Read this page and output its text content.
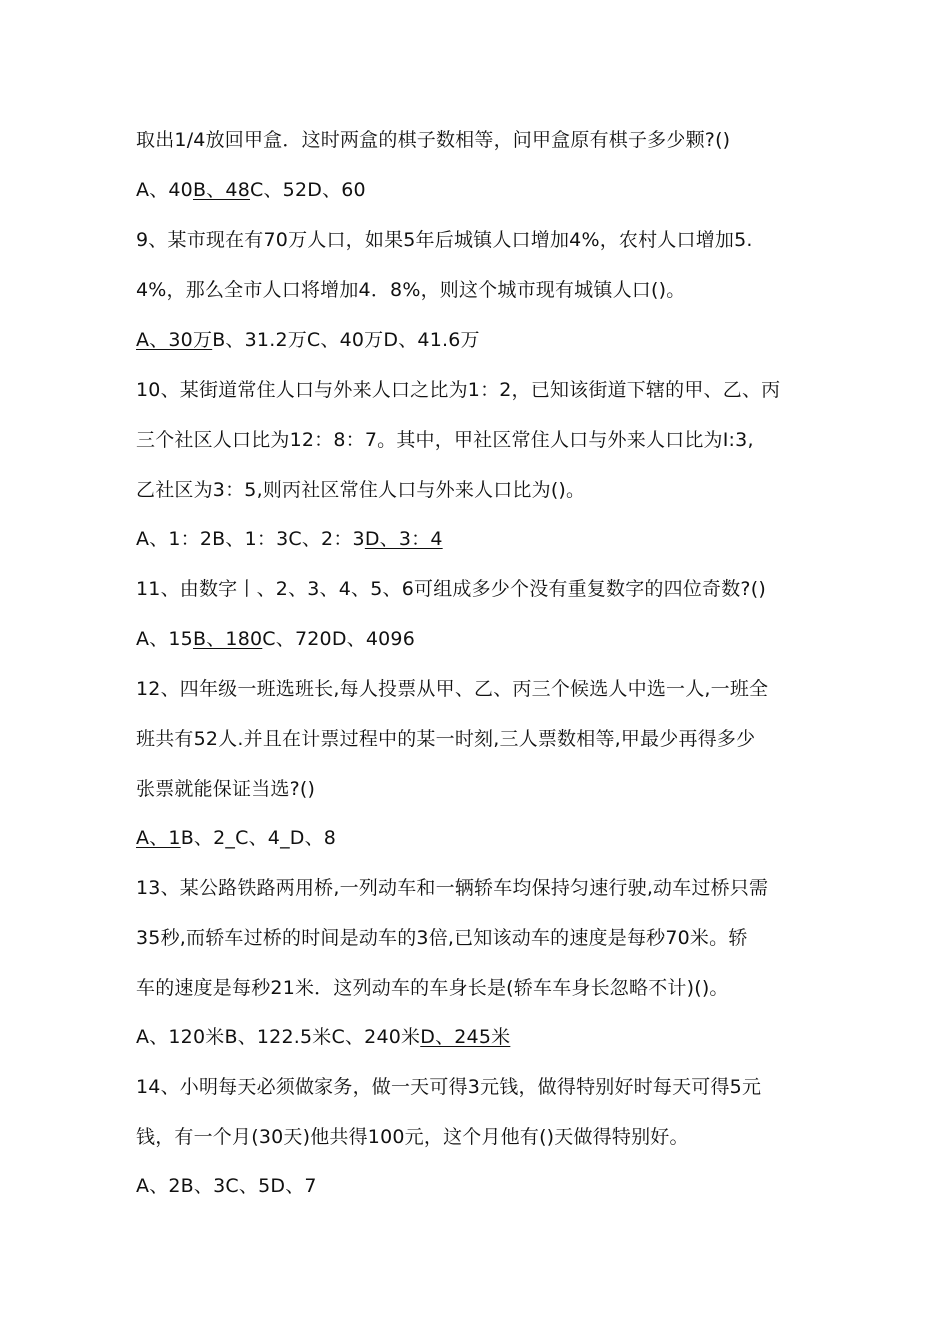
取出1/4放回甲盒．这时两盒的棋子数相等，问甲盒原有棋子多少颗?()
A、40B、48C、52D、60
9、某市现在有70万人口，如果5年后城镇人口增加4%，农村人口增加5.
4%，那么全市人口将增加4．8%，则这个城市现有城镇人口()。
A、30万B、31.2万C、40万D、41.6万
10、某街道常住人口与外来人口之比为1：2，已知该街道下辖的甲、乙、丙
三个社区人口比为12：8：7。其中，甲社区常住人口与外来人口比为I:3,
乙社区为3：5,则丙社区常住人口与外来人口比为()。
A、1：2B、1：3C、2：3D、3：4
11、由数字丨、2、3、4、5、6可组成多少个没有重复数字的四位奇数?()
A、15B、180C、720D、4096
12、四年级一班选班长,每人投票从甲、乙、丙三个候选人中选一人,一班全
班共有52人.并且在计票过程中的某一时刻,三人票数相等,甲最少再得多少
张票就能保证当选?()
A、1B、2_C、4_D、8
13、某公路铁路两用桥,一列动车和一辆轿车均保持匀速行驶,动车过桥只需
35秒,而轿车过桥的时间是动车的3倍,已知该动车的速度是每秒70米。轿
车的速度是每秒21米．这列动车的车身长是(轿车车身长忽略不计)()。
A、120米B、122.5米C、240米D、245米
14、小明每天必须做家务，做一天可得3元钱，做得特别好时每天可得5元
钱，有一个月(30天)他共得100元，这个月他有()天做得特别好。
A、2B、3C、5D、7
